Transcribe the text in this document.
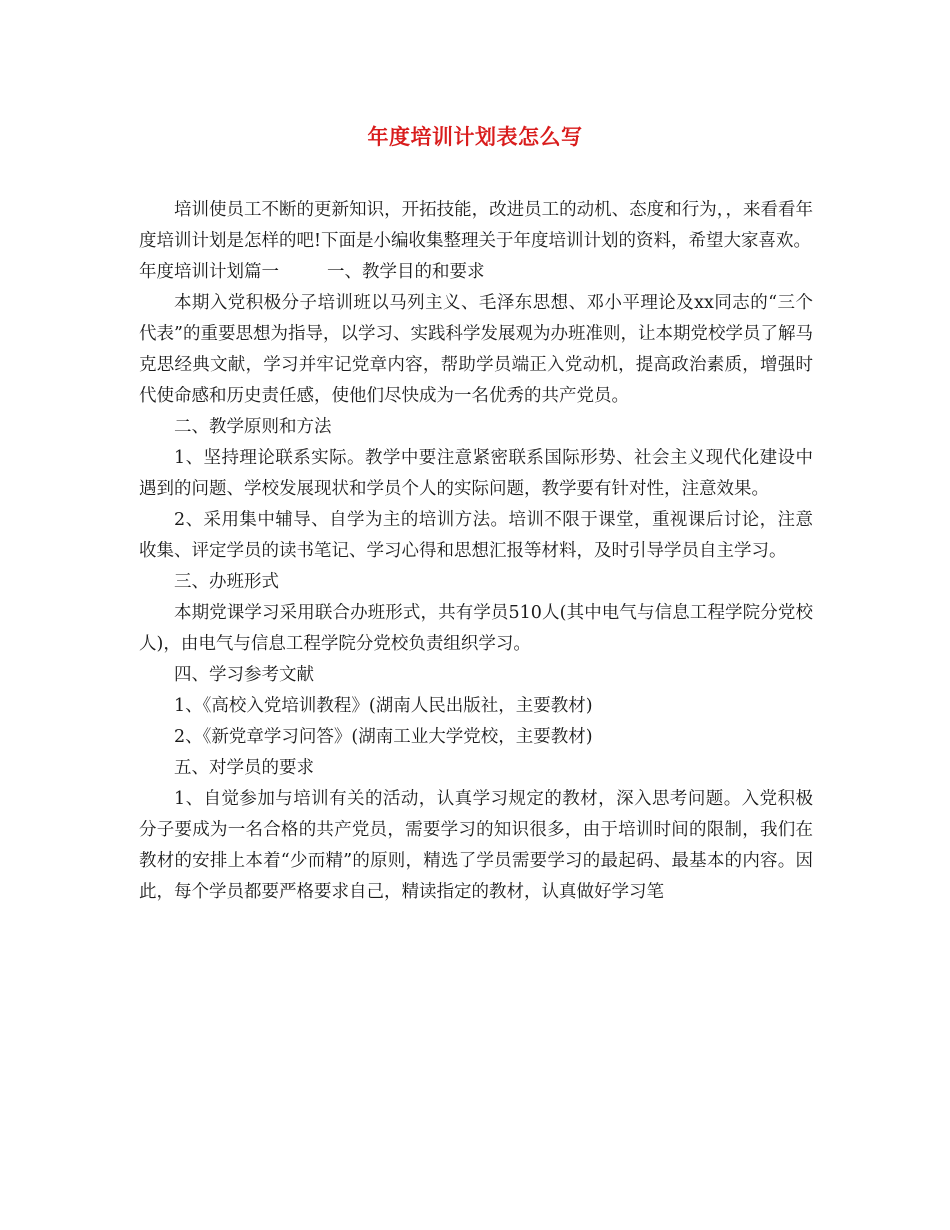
年度培训计划表怎么写

培训使员工不断的更新知识，开拓技能，改进员工的动机、态度和行为，，来看看年度培训计划是怎样的吧!下面是小编收集整理关于年度培训计划的资料，希望大家喜欢。

年度培训计划篇一	一、教学目的和要求

本期入党积极分子培训班以马列主义、毛泽东思想、邓小平理论及xx同志的“三个代表”的重要思想为指导，以学习、实践科学发展观为办班准则，让本期党校学员了解马克思经典文献，学习并牢记党章内容，帮助学员端正入党动机，提高政治素质，增强时代使命感和历史责任感，使他们尽快成为一名优秀的共产党员。

二、教学原则和方法

1、坚持理论联系实际。教学中要注意紧密联系国际形势、社会主义现代化建设中遇到的问题、学校发展现状和学员个人的实际问题，教学要有针对性，注意效果。

2、采用集中辅导、自学为主的培训方法。培训不限于课堂，重视课后讨论，注意收集、评定学员的读书笔记、学习心得和思想汇报等材料，及时引导学员自主学习。

三、办班形式

本期党课学习采用联合办班形式，共有学员510人(其中电气与信息工程学院分党校 人)，由电气与信息工程学院分党校负责组织学习。

四、学习参考文献

1、《高校入党培训教程》(湖南人民出版社，主要教材)

2、《新党章学习问答》(湖南工业大学党校，主要教材)

五、对学员的要求

1、自觉参加与培训有关的活动，认真学习规定的教材，深入思考问题。入党积极分子要成为一名合格的共产党员，需要学习的知识很多，由于培训时间的限制，我们在教材的安排上本着“少而精”的原则，精选了学员需要学习的最起码、最基本的内容。因此，每个学员都要严格要求自己，精读指定的教材，认真做好学习笔
